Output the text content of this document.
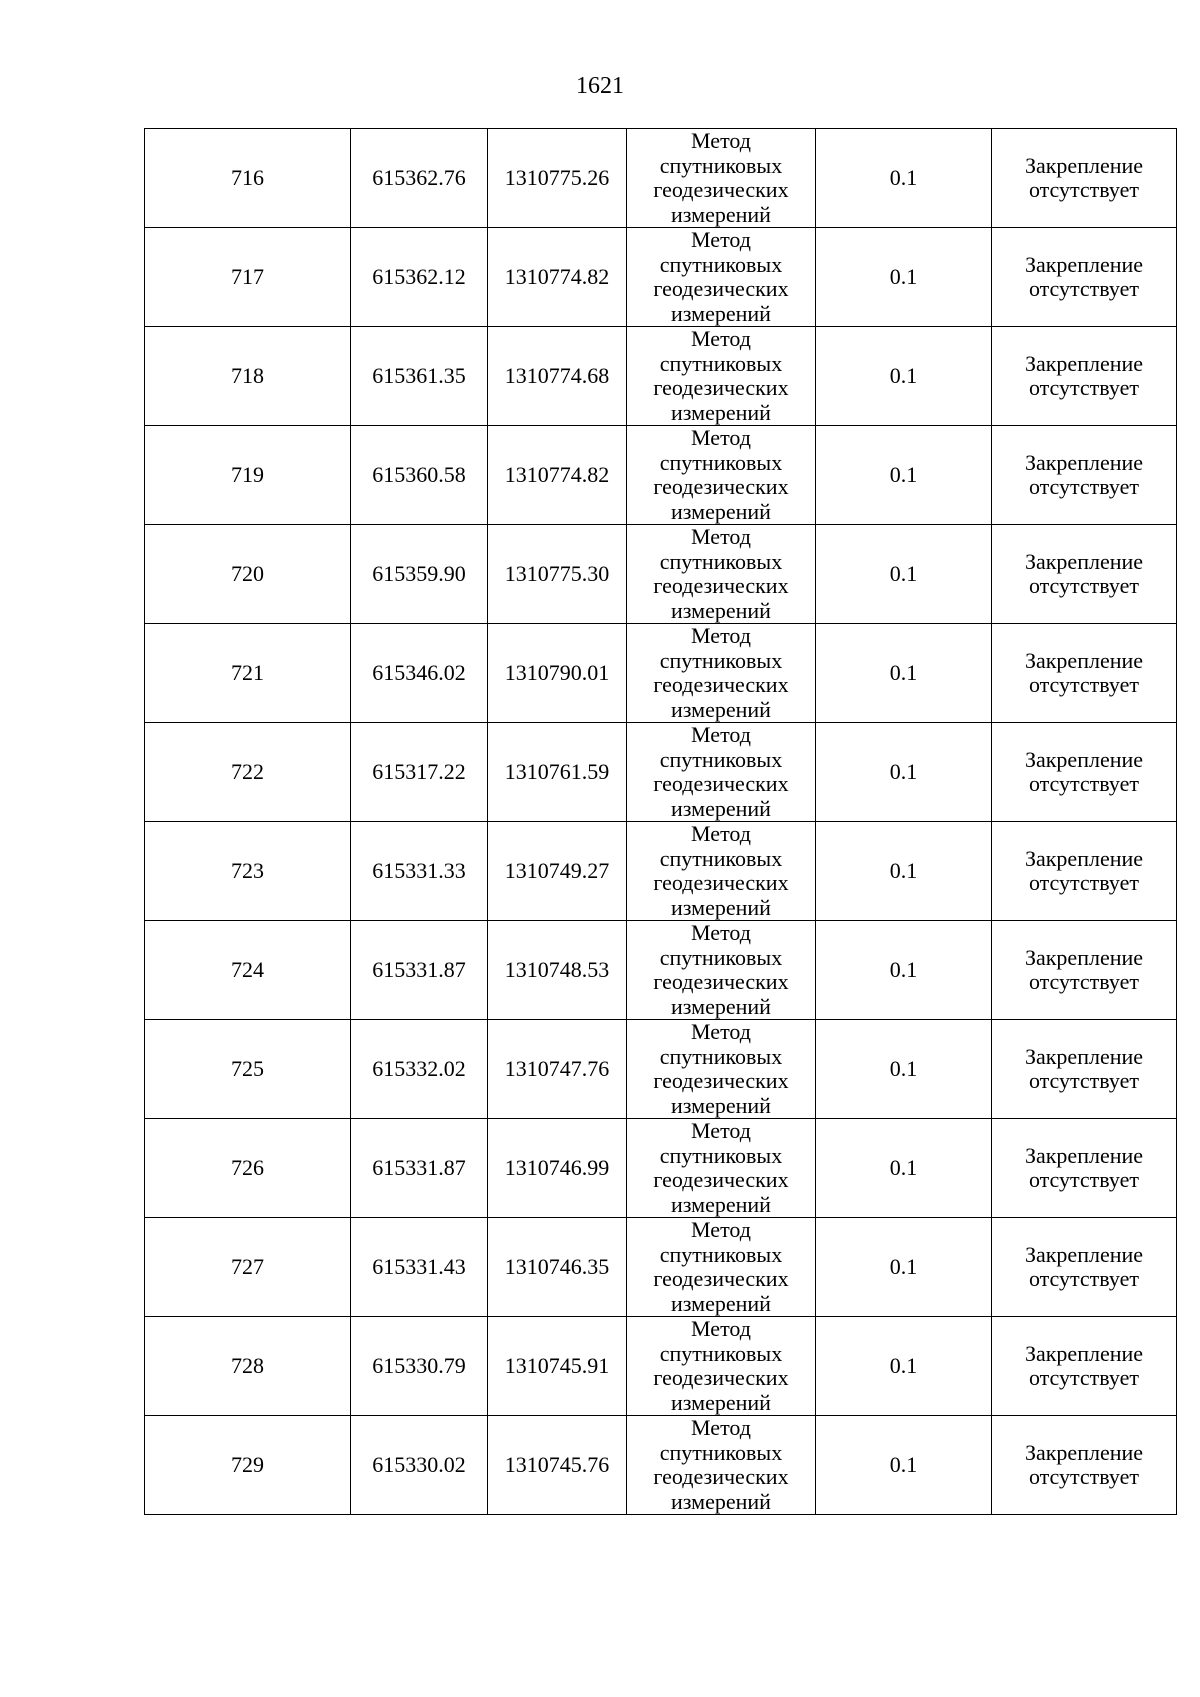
1621
716	615362.76	1310775.26	Метод
спутниковых
геодезических
измерений	0.1	Закрепление
отсутствует

717	615362.12	1310774.82	Метод
спутниковых
геодезических
измерений	0.1	Закрепление
отсутствует

718	615361.35	1310774.68	Метод
спутниковых
геодезических
измерений	0.1	Закрепление
отсутствует

719	615360.58	1310774.82	Метод
спутниковых
геодезических
измерений	0.1	Закрепление
отсутствует

720	615359.90	1310775.30	Метод
спутниковых
геодезических
измерений	0.1	Закрепление
отсутствует

721	615346.02	1310790.01	Метод
спутниковых
геодезических
измерений	0.1	Закрепление
отсутствует

722	615317.22	1310761.59	Метод
спутниковых
геодезических
измерений	0.1	Закрепление
отсутствует

723	615331.33	1310749.27	Метод
спутниковых
геодезических
измерений	0.1	Закрепление
отсутствует

724	615331.87	1310748.53	Метод
спутниковых
геодезических
измерений	0.1	Закрепление
отсутствует

725	615332.02	1310747.76	Метод
спутниковых
геодезических
измерений	0.1	Закрепление
отсутствует

726	615331.87	1310746.99	Метод
спутниковых
геодезических
измерений	0.1	Закрепление
отсутствует

727	615331.43	1310746.35	Метод
спутниковых
геодезических
измерений	0.1	Закрепление
отсутствует

728	615330.79	1310745.91	Метод
спутниковых
геодезических
измерений	0.1	Закрепление
отсутствует

729	615330.02	1310745.76	Метод
спутниковых
геодезических
измерений	0.1	Закрепление
отсутствует
